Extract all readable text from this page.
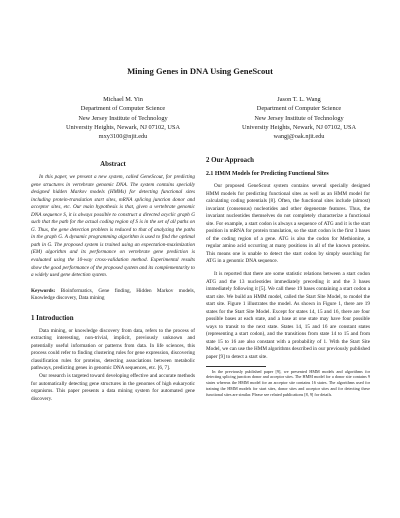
Mining Genes in DNA Using GeneScout
Michael M. Yin
Department of Computer Science
New Jersey Institute of Technology
University Heights, Newark, NJ 07102, USA
mxy3100@njit.edu
Jason T. L. Wang
Department of Computer Science
New Jersey Institute of Technology
University Heights, Newark, NJ 07102, USA
wangj@oak.njit.edu
Abstract

In this paper, we present a new system, called GeneScout, for predicting gene structures in vertebrate genomic DNA. The system contains specially designed hidden Markov models (HMMs) for detecting functional sites including protein-translation start sites, mRNA splicing junction donor and acceptor sites, etc. Our main hypothesis is that, given a vertebrate genomic DNA sequence S, it is always possible to construct a directed acyclic graph G such that the path for the actual coding region of S is in the set of all paths on G. Thus, the gene detection problem is reduced to that of analyzing the paths in the graph G. A dynamic programming algorithm is used to find the optimal path in G. The proposed system is trained using an expectation-maximization (EM) algorithm and its performance on vertebrate gene prediction is evaluated using the 10-way cross-validation method. Experimental results show the good performance of the proposed system and its complementarity to a widely used gene detection system.

Keywords: Bioinformatics, Gene finding, Hidden Markov models, Knowledge discovery, Data mining

1 Introduction

Data mining, or knowledge discovery from data, refers to the process of extracting interesting, non-trivial, implicit, previously unknown and potentially useful information or patterns from data. In life sciences, this process could refer to finding clustering rules for gene expression, discovering classification rules for proteins, detecting associations between metabolic pathways, predicting genes in genomic DNA sequences, etc. [6, 7].

Our research is targeted toward developing effective and accurate methods for automatically detecting gene structures in the genomes of high eukaryotic organisms. This paper presents a data mining system for automated gene discovery.

2 Our Approach
2.1 HMM Models for Predicting Functional Sites

Our proposed GeneScout system contains several specially designed HMM models for predicting functional sites as well as an HMM model for calculating coding potentials [8]. Often, the functional sites include (almost) invariant (consensus) nucleotides and other degenerate features. Thus, the invariant nucleotides themselves do not completely characterize a functional site. For example, a start codon is always a sequence of ATG and it is the start position in mRNA for protein translation, so the start codon is the first 3 bases of the coding region of a gene. ATG is also the codon for Methionine, a regular amino acid occurring at many positions in all of the known proteins. This means one is unable to detect the start codon by simply searching for ATG in a genomic DNA sequence.

It is reported that there are some statistic relations between a start codon ATG and the 13 nucleotides immediately preceding it and the 3 bases immediately following it [5]. We call these 19 bases containing a start codon a start site. We build an HMM model, called the Start Site Model, to model the start site. Figure 1 illustrates the model. As shown in Figure 1, there are 19 states for the Start Site Model. Except for states 14, 15 and 16, there are four possible bases at each state, and a base at one state may have four possible ways to transit to the next state. States 14, 15 and 16 are constant states (representing a start codon), and the transitions from state 14 to 15 and from state 15 to 16 are also constant with a probability of 1. With the Start Site Model, we can use the HMM algorithms described in our previously published paper [9] to detect a start site.

In the previously published paper [9], we presented HMM models and algorithms for detecting splicing junction donor and acceptor sites. The HMM model for a donor site contains 9 states whereas the HMM model for an acceptor site contains 16 states. The algorithms used for training the HMM models for start sites, donor sites and acceptor sites and for detecting these functional sites are similar. Please see related publications [8, 9] for details.
